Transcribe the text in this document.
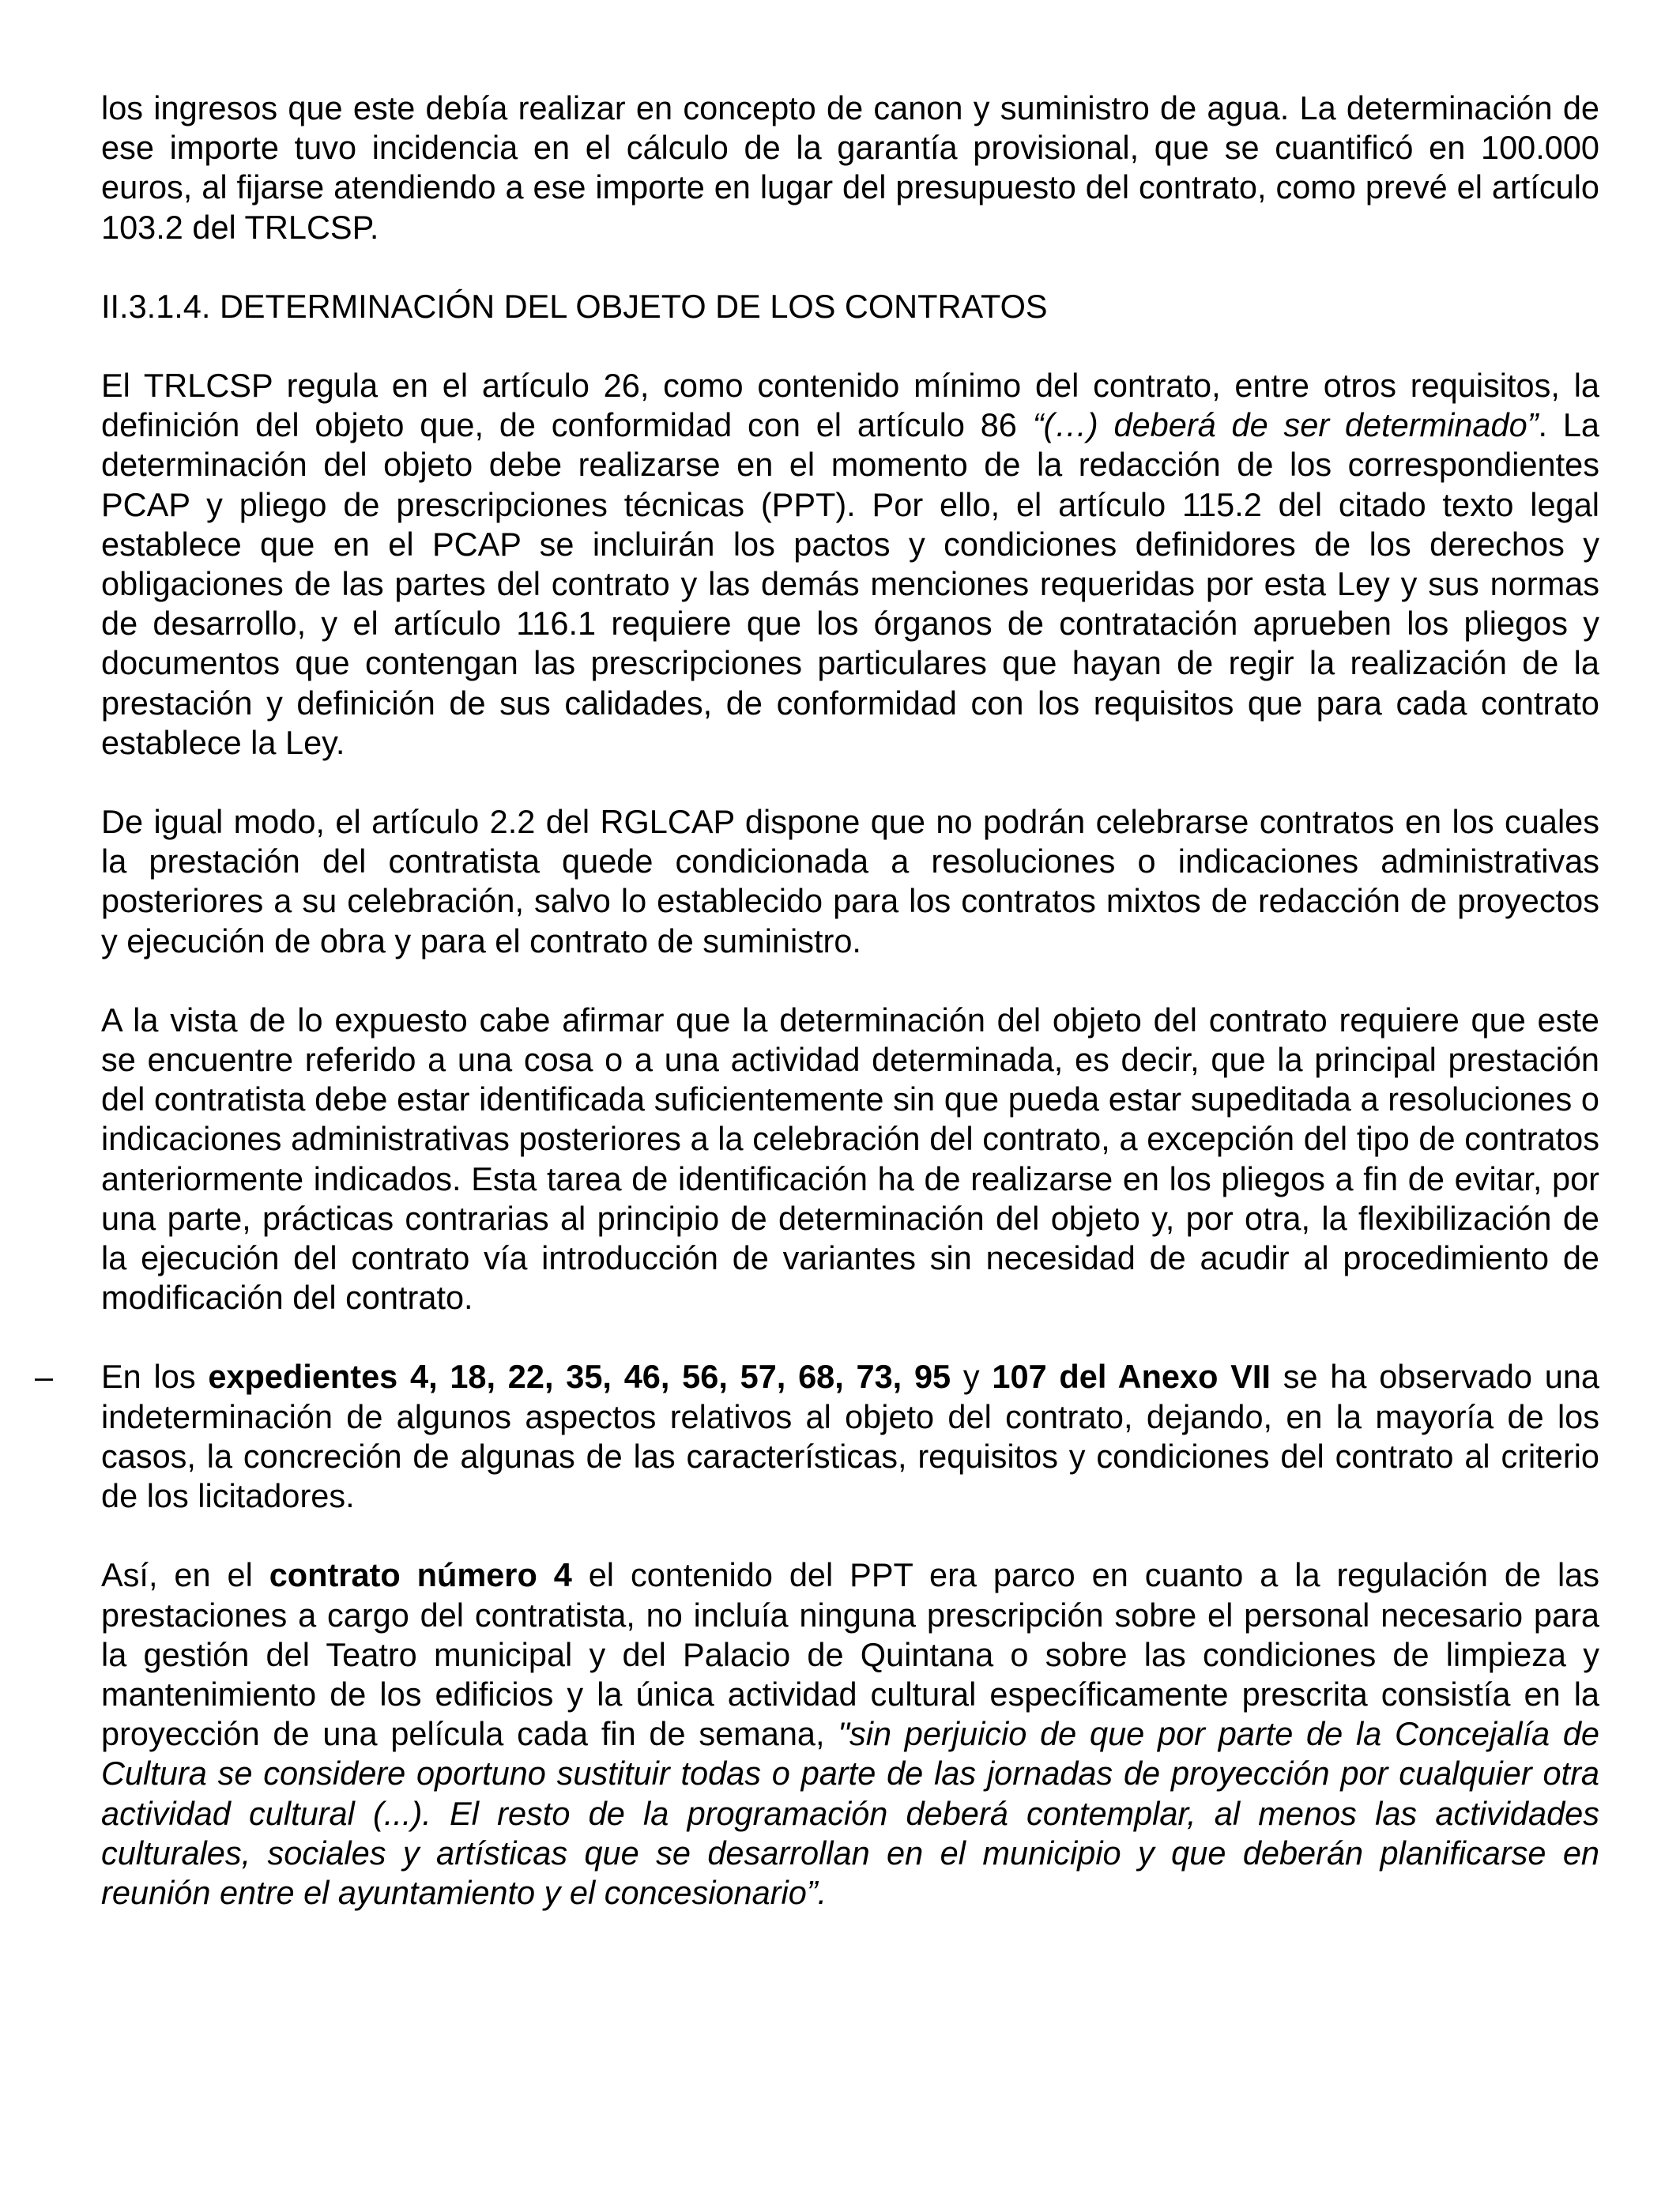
los ingresos que este debía realizar en concepto de canon y suministro de agua. La determinación de ese importe tuvo incidencia en el cálculo de la garantía provisional, que se cuantificó en 100.000 euros, al fijarse atendiendo a ese importe en lugar del presupuesto del contrato, como prevé el artículo 103.2 del TRLCSP.

II.3.1.4. DETERMINACIÓN DEL OBJETO DE LOS CONTRATOS

El TRLCSP regula en el artículo 26, como contenido mínimo del contrato, entre otros requisitos, la definición del objeto que, de conformidad con el artículo 86 “(…) deberá de ser determinado”. La determinación del objeto debe realizarse en el momento de la redacción de los correspondientes PCAP y pliego de prescripciones técnicas (PPT). Por ello, el artículo 115.2 del citado texto legal establece que en el PCAP se incluirán los pactos y condiciones definidores de los derechos y obligaciones de las partes del contrato y las demás menciones requeridas por esta Ley y sus normas de desarrollo, y el artículo 116.1 requiere que los órganos de contratación aprueben los pliegos y documentos que contengan las prescripciones particulares que hayan de regir la realización de la prestación y definición de sus calidades, de conformidad con los requisitos que para cada contrato establece la Ley.

De igual modo, el artículo 2.2 del RGLCAP dispone que no podrán celebrarse contratos en los cuales la prestación del contratista quede condicionada a resoluciones o indicaciones administrativas posteriores a su celebración, salvo lo establecido para los contratos mixtos de redacción de proyectos y ejecución de obra y para el contrato de suministro.

A la vista de lo expuesto cabe afirmar que la determinación del objeto del contrato requiere que este se encuentre referido a una cosa o a una actividad determinada, es decir, que la principal prestación del contratista debe estar identificada suficientemente sin que pueda estar supeditada a resoluciones o indicaciones administrativas posteriores a la celebración del contrato, a excepción del tipo de contratos anteriormente indicados. Esta tarea de identificación ha de realizarse en los pliegos a fin de evitar, por una parte, prácticas contrarias al principio de determinación del objeto y, por otra, la flexibilización de la ejecución del contrato vía introducción de variantes sin necesidad de acudir al procedimiento de modificación del contrato.

– En los expedientes 4, 18, 22, 35, 46, 56, 57, 68, 73, 95 y 107 del Anexo VII se ha observado una indeterminación de algunos aspectos relativos al objeto del contrato, dejando, en la mayoría de los casos, la concreción de algunas de las características, requisitos y condiciones del contrato al criterio de los licitadores.

Así, en el contrato número 4 el contenido del PPT era parco en cuanto a la regulación de las prestaciones a cargo del contratista, no incluía ninguna prescripción sobre el personal necesario para la gestión del Teatro municipal y del Palacio de Quintana o sobre las condiciones de limpieza y mantenimiento de los edificios y la única actividad cultural específicamente prescrita consistía en la proyección de una película cada fin de semana, "sin perjuicio de que por parte de la Concejalía de Cultura se considere oportuno sustituir todas o parte de las jornadas de proyección por cualquier otra actividad cultural (...). El resto de la programación deberá contemplar, al menos las actividades culturales, sociales y artísticas que se desarrollan en el municipio y que deberán planificarse en reunión entre el ayuntamiento y el concesionario”.
